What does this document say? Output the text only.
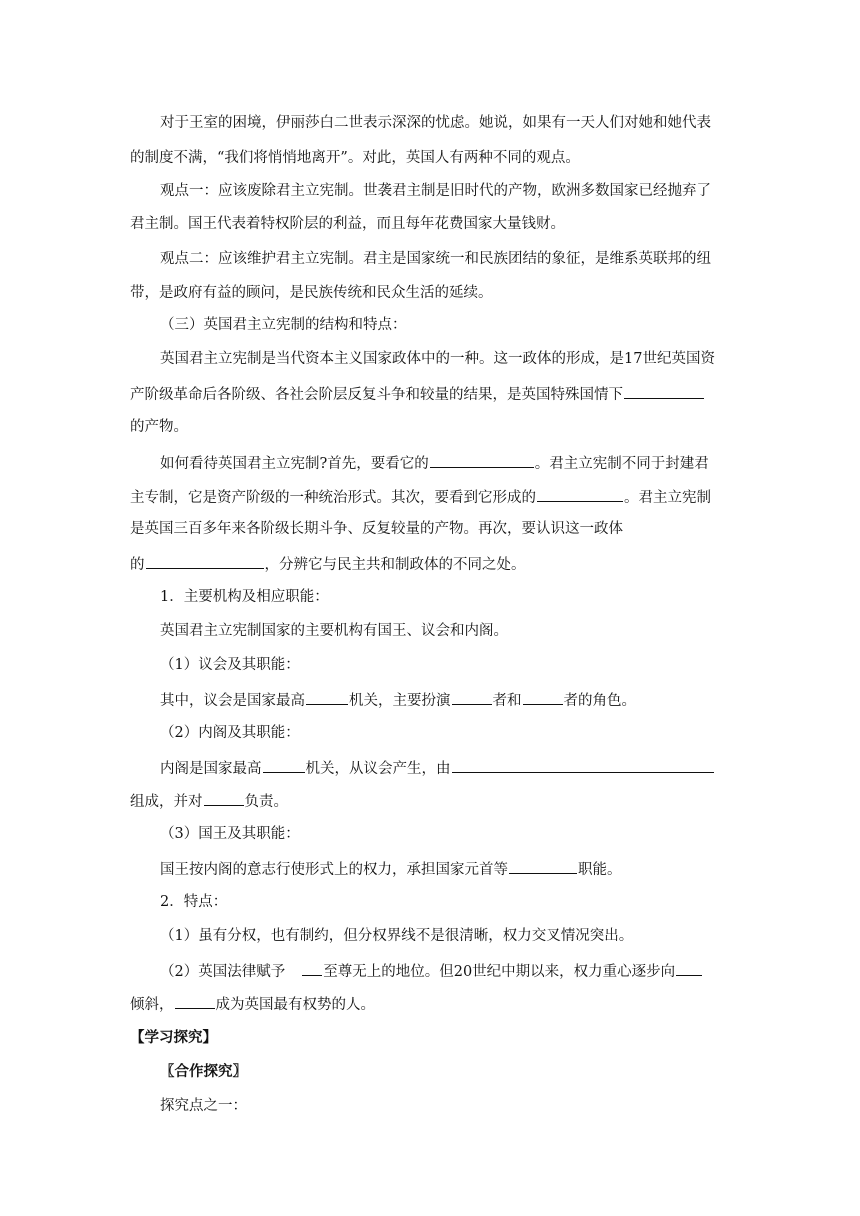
对于王室的困境，伊丽莎白二世表示深深的忧虑。她说，如果有一天人们对她和她代表
的制度不满，“我们将悄悄地离开”。对此，英国人有两种不同的观点。
观点一：应该废除君主立宪制。世袭君主制是旧时代的产物，欧洲多数国家已经抛弃了
君主制。国王代表着特权阶层的利益，而且每年花费国家大量钱财。
观点二：应该维护君主立宪制。君主是国家统一和民族团结的象征，是维系英联邦的纽
带，是政府有益的顾问，是民族传统和民众生活的延续。
（三）英国君主立宪制的结构和特点：
英国君主立宪制是当代资本主义国家政体中的一种。这一政体的形成，是17世纪英国资
产阶级革命后各阶级、各社会阶层反复斗争和较量的结果，是英国特殊国情下
的产物。
如何看待英国君主立宪制?首先，要看它的	。君主立宪制不同于封建君
主专制，它是资产阶级的一种统治形式。其次，要看到它形成的	。君主立宪制
是英国三百多年来各阶级长期斗争、反复较量的产物。再次，要认识这一政体
的	，分辨它与民主共和制政体的不同之处。
1．主要机构及相应职能：
英国君主立宪制国家的主要机构有国王、议会和内阁。
（1）议会及其职能：
其中，议会是国家最高	机关，主要扮演	者和	者的角色。
（2）内阁及其职能：
内阁是国家最高	机关，从议会产生，由
组成，并对	负责。
（3）国王及其职能：
国王按内阁的意志行使形式上的权力，承担国家元首等	职能。
2．特点：
（1）虽有分权，也有制约，但分权界线不是很清晰，权力交叉情况突出。
（2）英国法律赋予	至尊无上的地位。但20世纪中期以来，权力重心逐步向
倾斜，	成为英国最有权势的人。
【学习探究】
〖合作探究〗
探究点之一：
